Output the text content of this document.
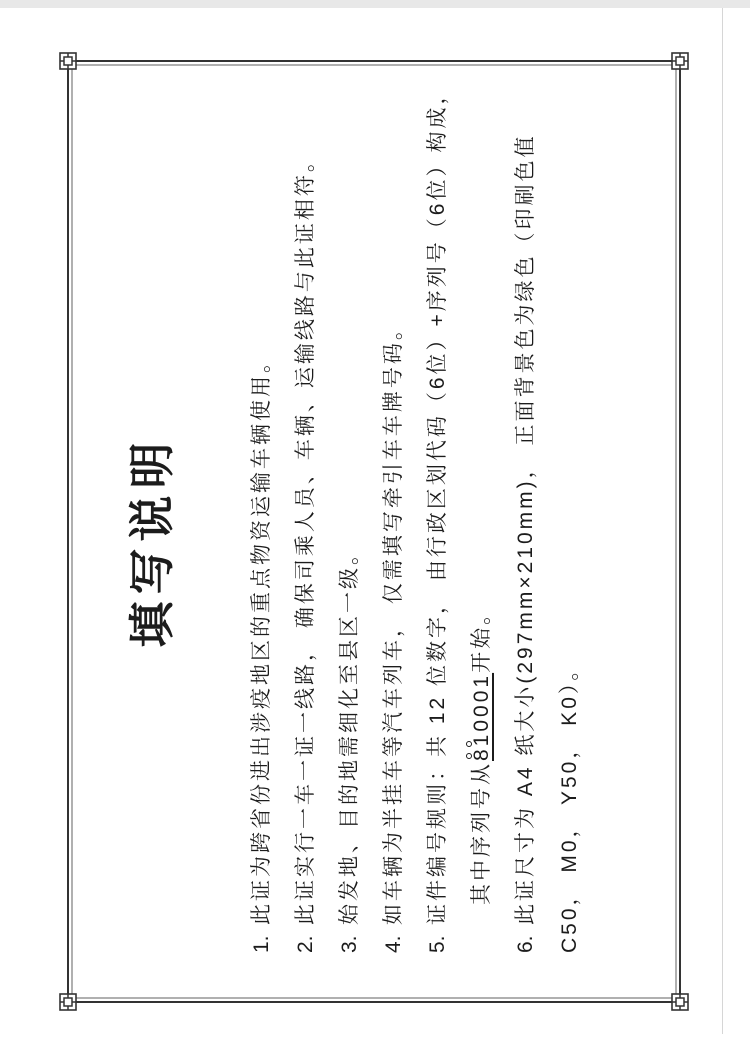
填写说明
1.此证为跨省份进出涉疫地区的重点物资运输车辆使用。
2.此证实行一车一证一线路， 确保司乘人员、车辆、运输线路与此证相符。
3.始发地、目的地需细化至县区一级。
4.如车辆为半挂车等汽车列车， 仅需填写牵引车车牌号码。
5.证件编号规则：共 12 位数字， 由行政区划代码（6位）+序列号（6位）构成，	其中序列号从
810001开始。
6.此证尺寸为 A4 纸大小(297mm×210mm)， 正面背景色为绿色（印刷色值	C50， M0， Y50， K0）。
